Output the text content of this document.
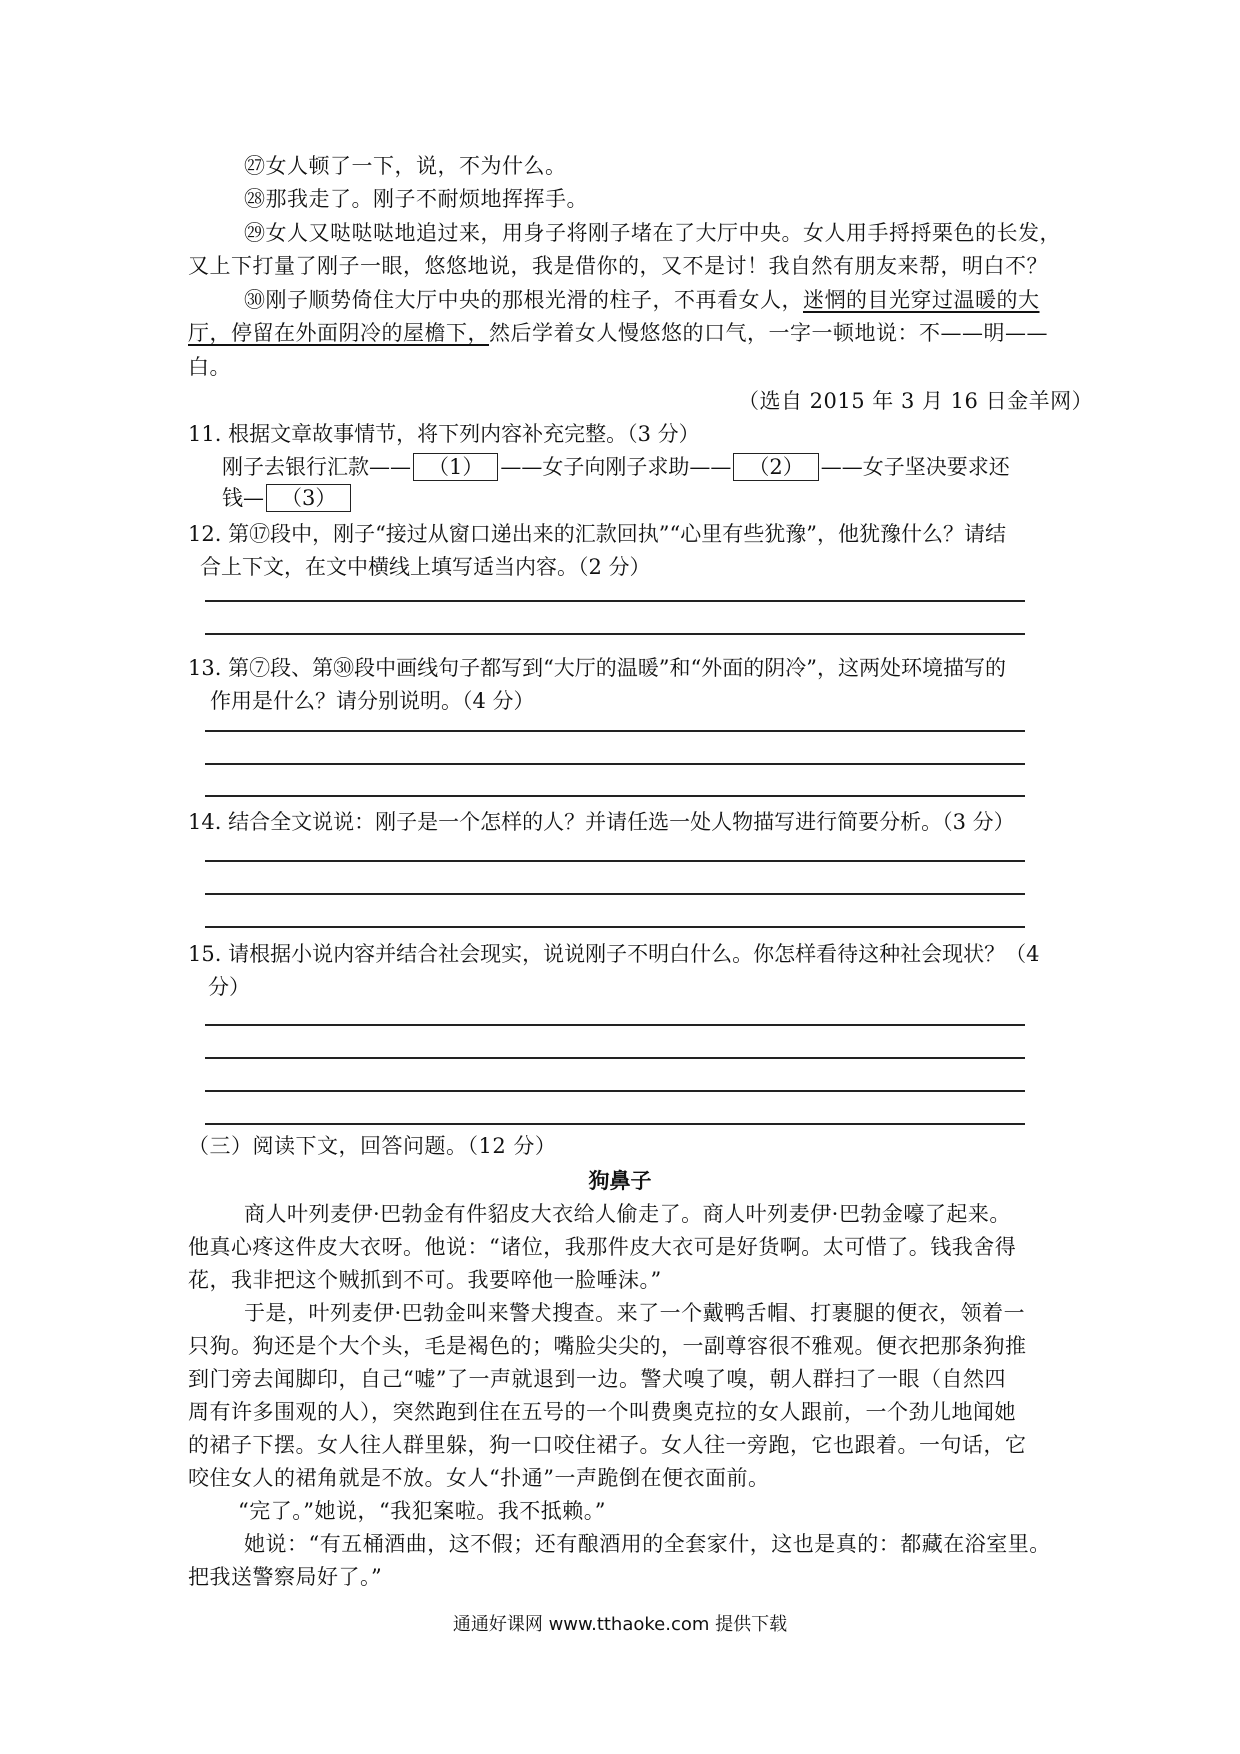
㉗女人顿了一下，说，不为什么。
㉘那我走了。刚子不耐烦地挥挥手。
㉙女人又哒哒哒地追过来，用身子将刚子堵在了大厅中央。女人用手捋捋栗色的长发，
又上下打量了刚子一眼，悠悠地说，我是借你的，又不是讨！我自然有朋友来帮，明白不？
㉚刚子顺势倚住大厅中央的那根光滑的柱子，不再看女人，迷惘的目光穿过温暖的大
厅，停留在外面阴冷的屋檐下，然后学着女人慢悠悠的口气，一字一顿地说：不——明——
白。
（选自 2015 年 3 月 16 日金羊网）
11. 根据文章故事情节，将下列内容补充完整。（3 分）
刚子去银行汇款—— （1） ——女子向刚子求助—— （2） ——女子坚决要求还
钱— （3）
12. 第⑰段中，刚子“接过从窗口递出来的汇款回执”“心里有些犹豫”，他犹豫什么？请结
合上下文，在文中横线上填写适当内容。（2 分）
13. 第⑦段、第㉚段中画线句子都写到“大厅的温暖”和“外面的阴冷”，这两处环境描写的
作用是什么？请分别说明。（4 分）
14. 结合全文说说：刚子是一个怎样的人？并请任选一处人物描写进行简要分析。（3 分）
15. 请根据小说内容并结合社会现实，说说刚子不明白什么。你怎样看待这种社会现状？（4
分）
（三）阅读下文，回答问题。（12 分）
狗鼻子
商人叶列麦伊·巴勃金有件貂皮大衣给人偷走了。商人叶列麦伊·巴勃金嚎了起来。
他真心疼这件皮大衣呀。他说：“诸位，我那件皮大衣可是好货啊。太可惜了。钱我舍得
花，我非把这个贼抓到不可。我要啐他一脸唾沫。”
于是，叶列麦伊·巴勃金叫来警犬搜查。来了一个戴鸭舌帽、打裹腿的便衣，领着一
只狗。狗还是个大个头，毛是褐色的；嘴脸尖尖的，一副尊容很不雅观。便衣把那条狗推
到门旁去闻脚印，自己“嘘”了一声就退到一边。警犬嗅了嗅，朝人群扫了一眼（自然四
周有许多围观的人），突然跑到住在五号的一个叫费奥克拉的女人跟前，一个劲儿地闻她
的裙子下摆。女人往人群里躲，狗一口咬住裙子。女人往一旁跑，它也跟着。一句话，它
咬住女人的裙角就是不放。女人“扑通”一声跪倒在便衣面前。
“完了。”她说，“我犯案啦。我不抵赖。”
她说：“有五桶酒曲，这不假；还有酿酒用的全套家什，这也是真的：都藏在浴室里。
把我送警察局好了。”
通通好课网 www.tthaoke.com 提供下载
